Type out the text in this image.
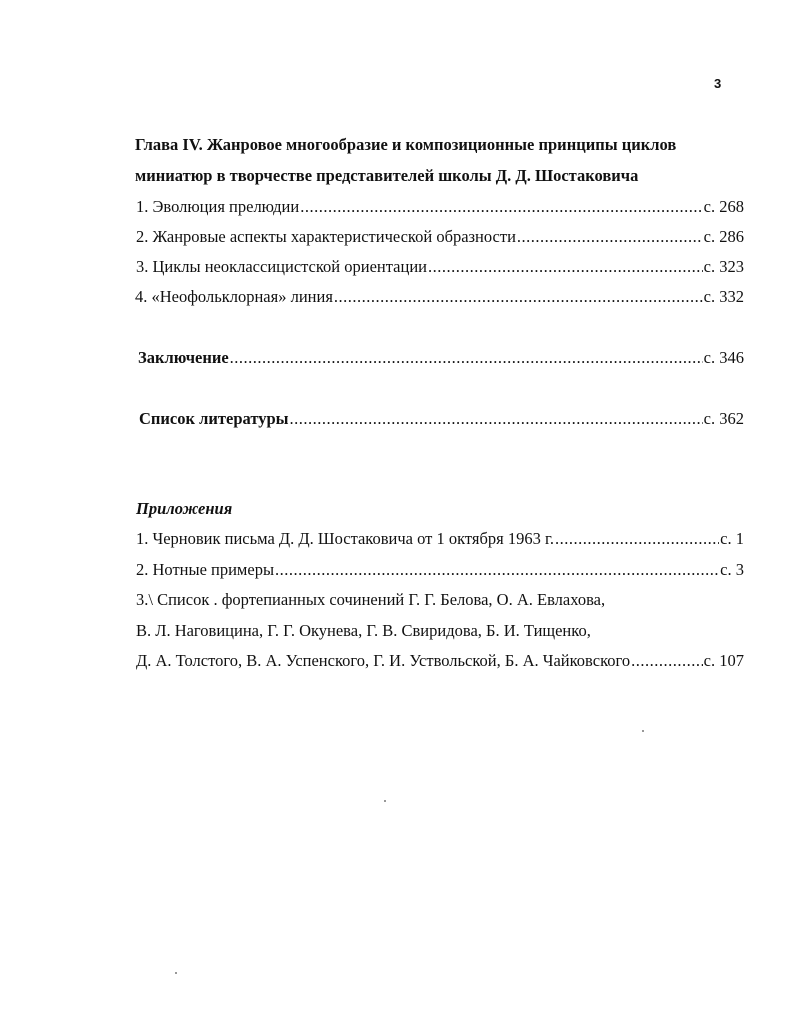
3
Глава IV. Жанровое многообразие и композиционные принципы циклов
миниатюр в творчестве представителей школы Д. Д. Шостаковича
1. Эволюция прелюдии .....	с. 268
2. Жанровые аспекты характеристической образности .....	с. 286
3. Циклы неоклассицистской ориентации .....	с. 323
4. «Неофольклорная» линия .....	с. 332
Заключение .....	с. 346
Список литературы .....	с. 362
Приложения
1. Черновик письма Д. Д. Шостаковича от 1 октября 1963 г. .....	с. 1
2. Нотные примеры .....	с. 3
3.\ Список . фортепианных сочинений Г. Г. Белова, О. А. Евлахова,
В. Л. Наговицина, Г. Г. Окунева, Г. В. Свиридова, Б. И. Тищенко,
Д. А. Толстого, В. А. Успенского, Г. И. Уствольской, Б. А. Чайковского .....	с. 107
